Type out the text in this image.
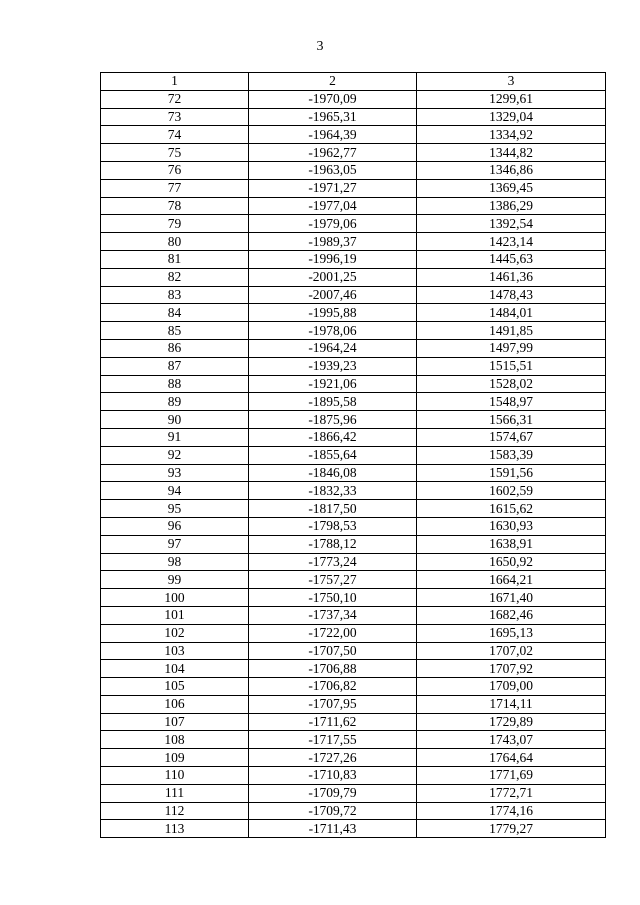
3
1	2	3
72	-1970,09	1299,61
73	-1965,31	1329,04
74	-1964,39	1334,92
75	-1962,77	1344,82
76	-1963,05	1346,86
77	-1971,27	1369,45
78	-1977,04	1386,29
79	-1979,06	1392,54
80	-1989,37	1423,14
81	-1996,19	1445,63
82	-2001,25	1461,36
83	-2007,46	1478,43
84	-1995,88	1484,01
85	-1978,06	1491,85
86	-1964,24	1497,99
87	-1939,23	1515,51
88	-1921,06	1528,02
89	-1895,58	1548,97
90	-1875,96	1566,31
91	-1866,42	1574,67
92	-1855,64	1583,39
93	-1846,08	1591,56
94	-1832,33	1602,59
95	-1817,50	1615,62
96	-1798,53	1630,93
97	-1788,12	1638,91
98	-1773,24	1650,92
99	-1757,27	1664,21
100	-1750,10	1671,40
101	-1737,34	1682,46
102	-1722,00	1695,13
103	-1707,50	1707,02
104	-1706,88	1707,92
105	-1706,82	1709,00
106	-1707,95	1714,11
107	-1711,62	1729,89
108	-1717,55	1743,07
109	-1727,26	1764,64
110	-1710,83	1771,69
111	-1709,79	1772,71
112	-1709,72	1774,16
113	-1711,43	1779,27
